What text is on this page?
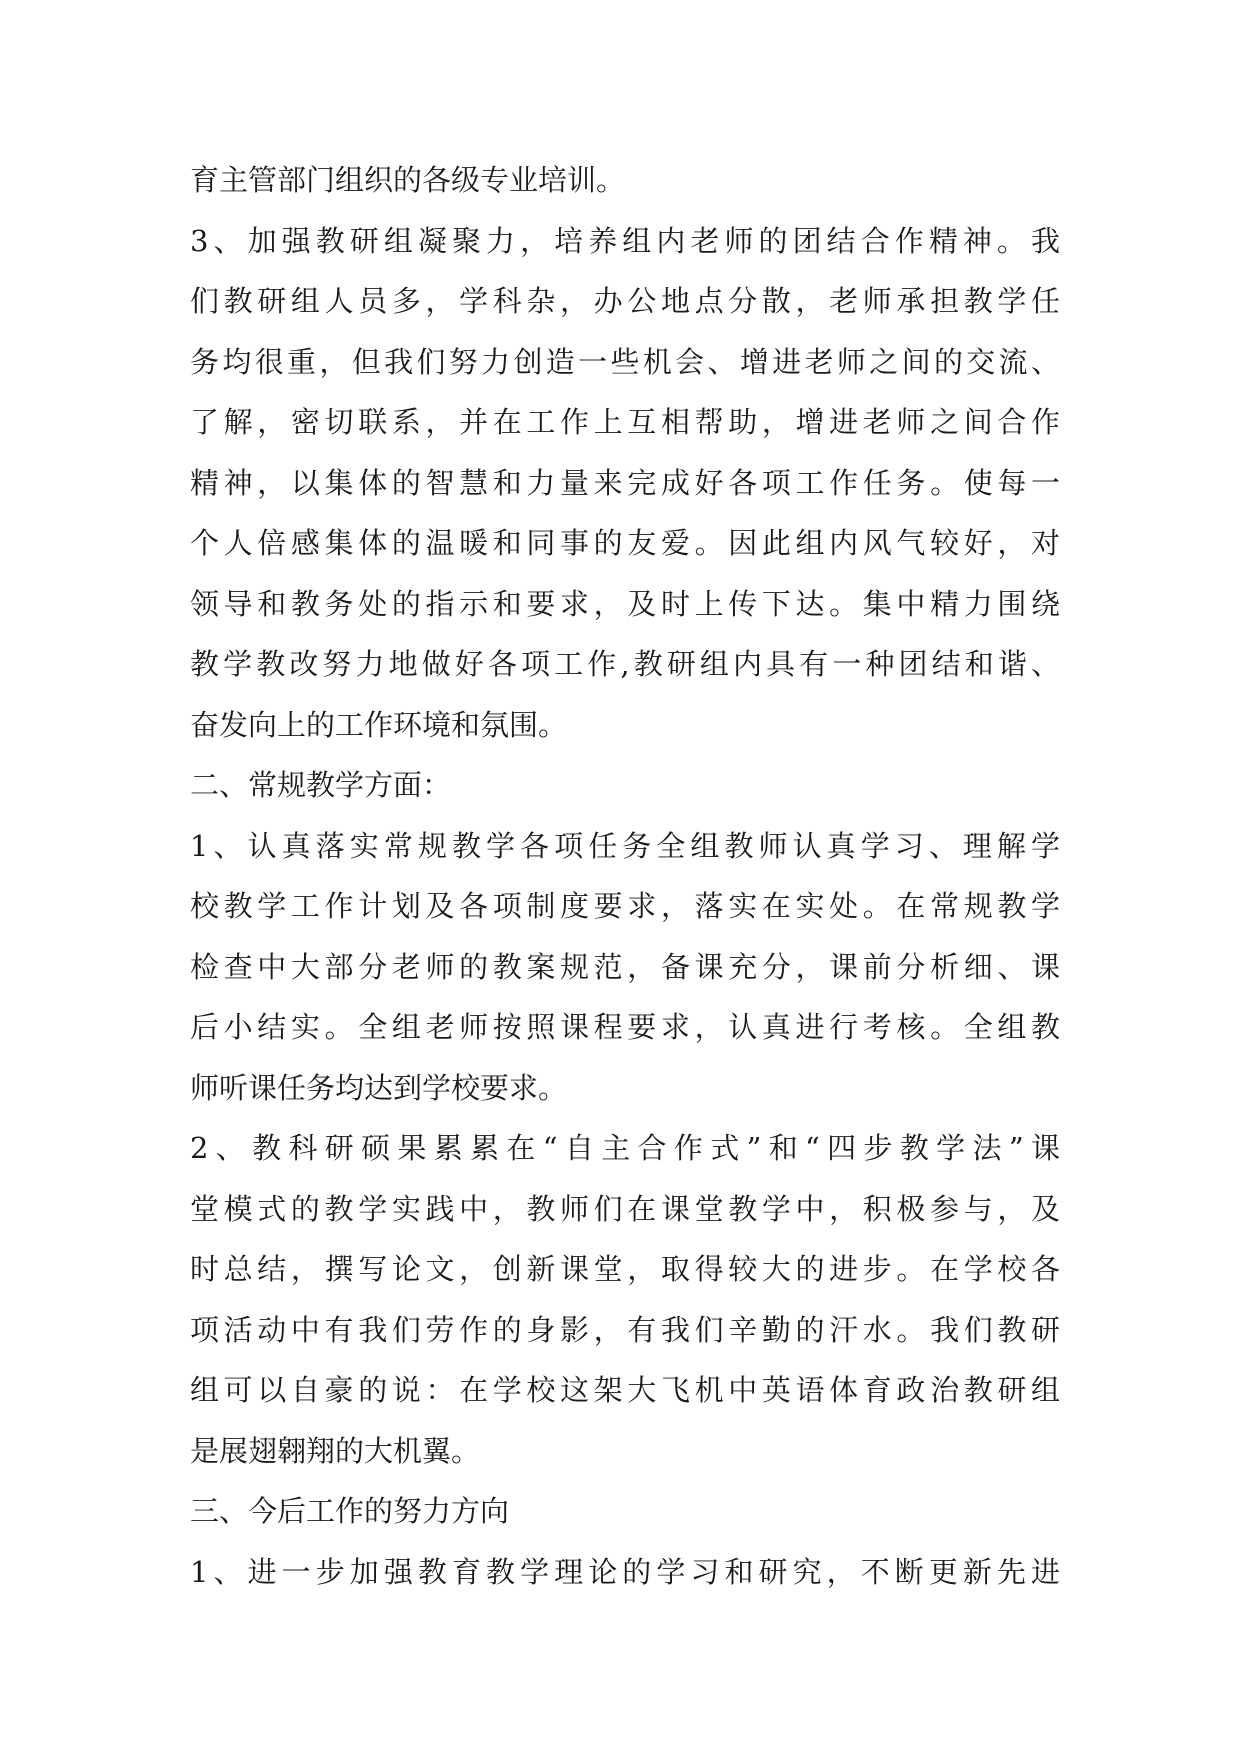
育主管部门组织的各级专业培训。
3、加强教研组凝聚力，培养组内老师的团结合作精神。我
们教研组人员多，学科杂，办公地点分散，老师承担教学任
务均很重，但我们努力创造一些机会、增进老师之间的交流、
了解，密切联系，并在工作上互相帮助，增进老师之间合作
精神，以集体的智慧和力量来完成好各项工作任务。使每一
个人倍感集体的温暖和同事的友爱。因此组内风气较好，对
领导和教务处的指示和要求，及时上传下达。集中精力围绕
教学教改努力地做好各项工作,教研组内具有一种团结和谐、
奋发向上的工作环境和氛围。
二、常规教学方面：
1、认真落实常规教学各项任务全组教师认真学习、理解学
校教学工作计划及各项制度要求，落实在实处。在常规教学
检查中大部分老师的教案规范，备课充分，课前分析细、课
后小结实。全组老师按照课程要求，认真进行考核。全组教
师听课任务均达到学校要求。
2、教科研硕果累累在“自主合作式”和“四步教学法”课
堂模式的教学实践中，教师们在课堂教学中，积极参与，及
时总结，撰写论文，创新课堂，取得较大的进步。在学校各
项活动中有我们劳作的身影，有我们辛勤的汗水。我们教研
组可以自豪的说：在学校这架大飞机中英语体育政治教研组
是展翅翱翔的大机翼。
三、今后工作的努力方向
1、进一步加强教育教学理论的学习和研究，不断更新先进
